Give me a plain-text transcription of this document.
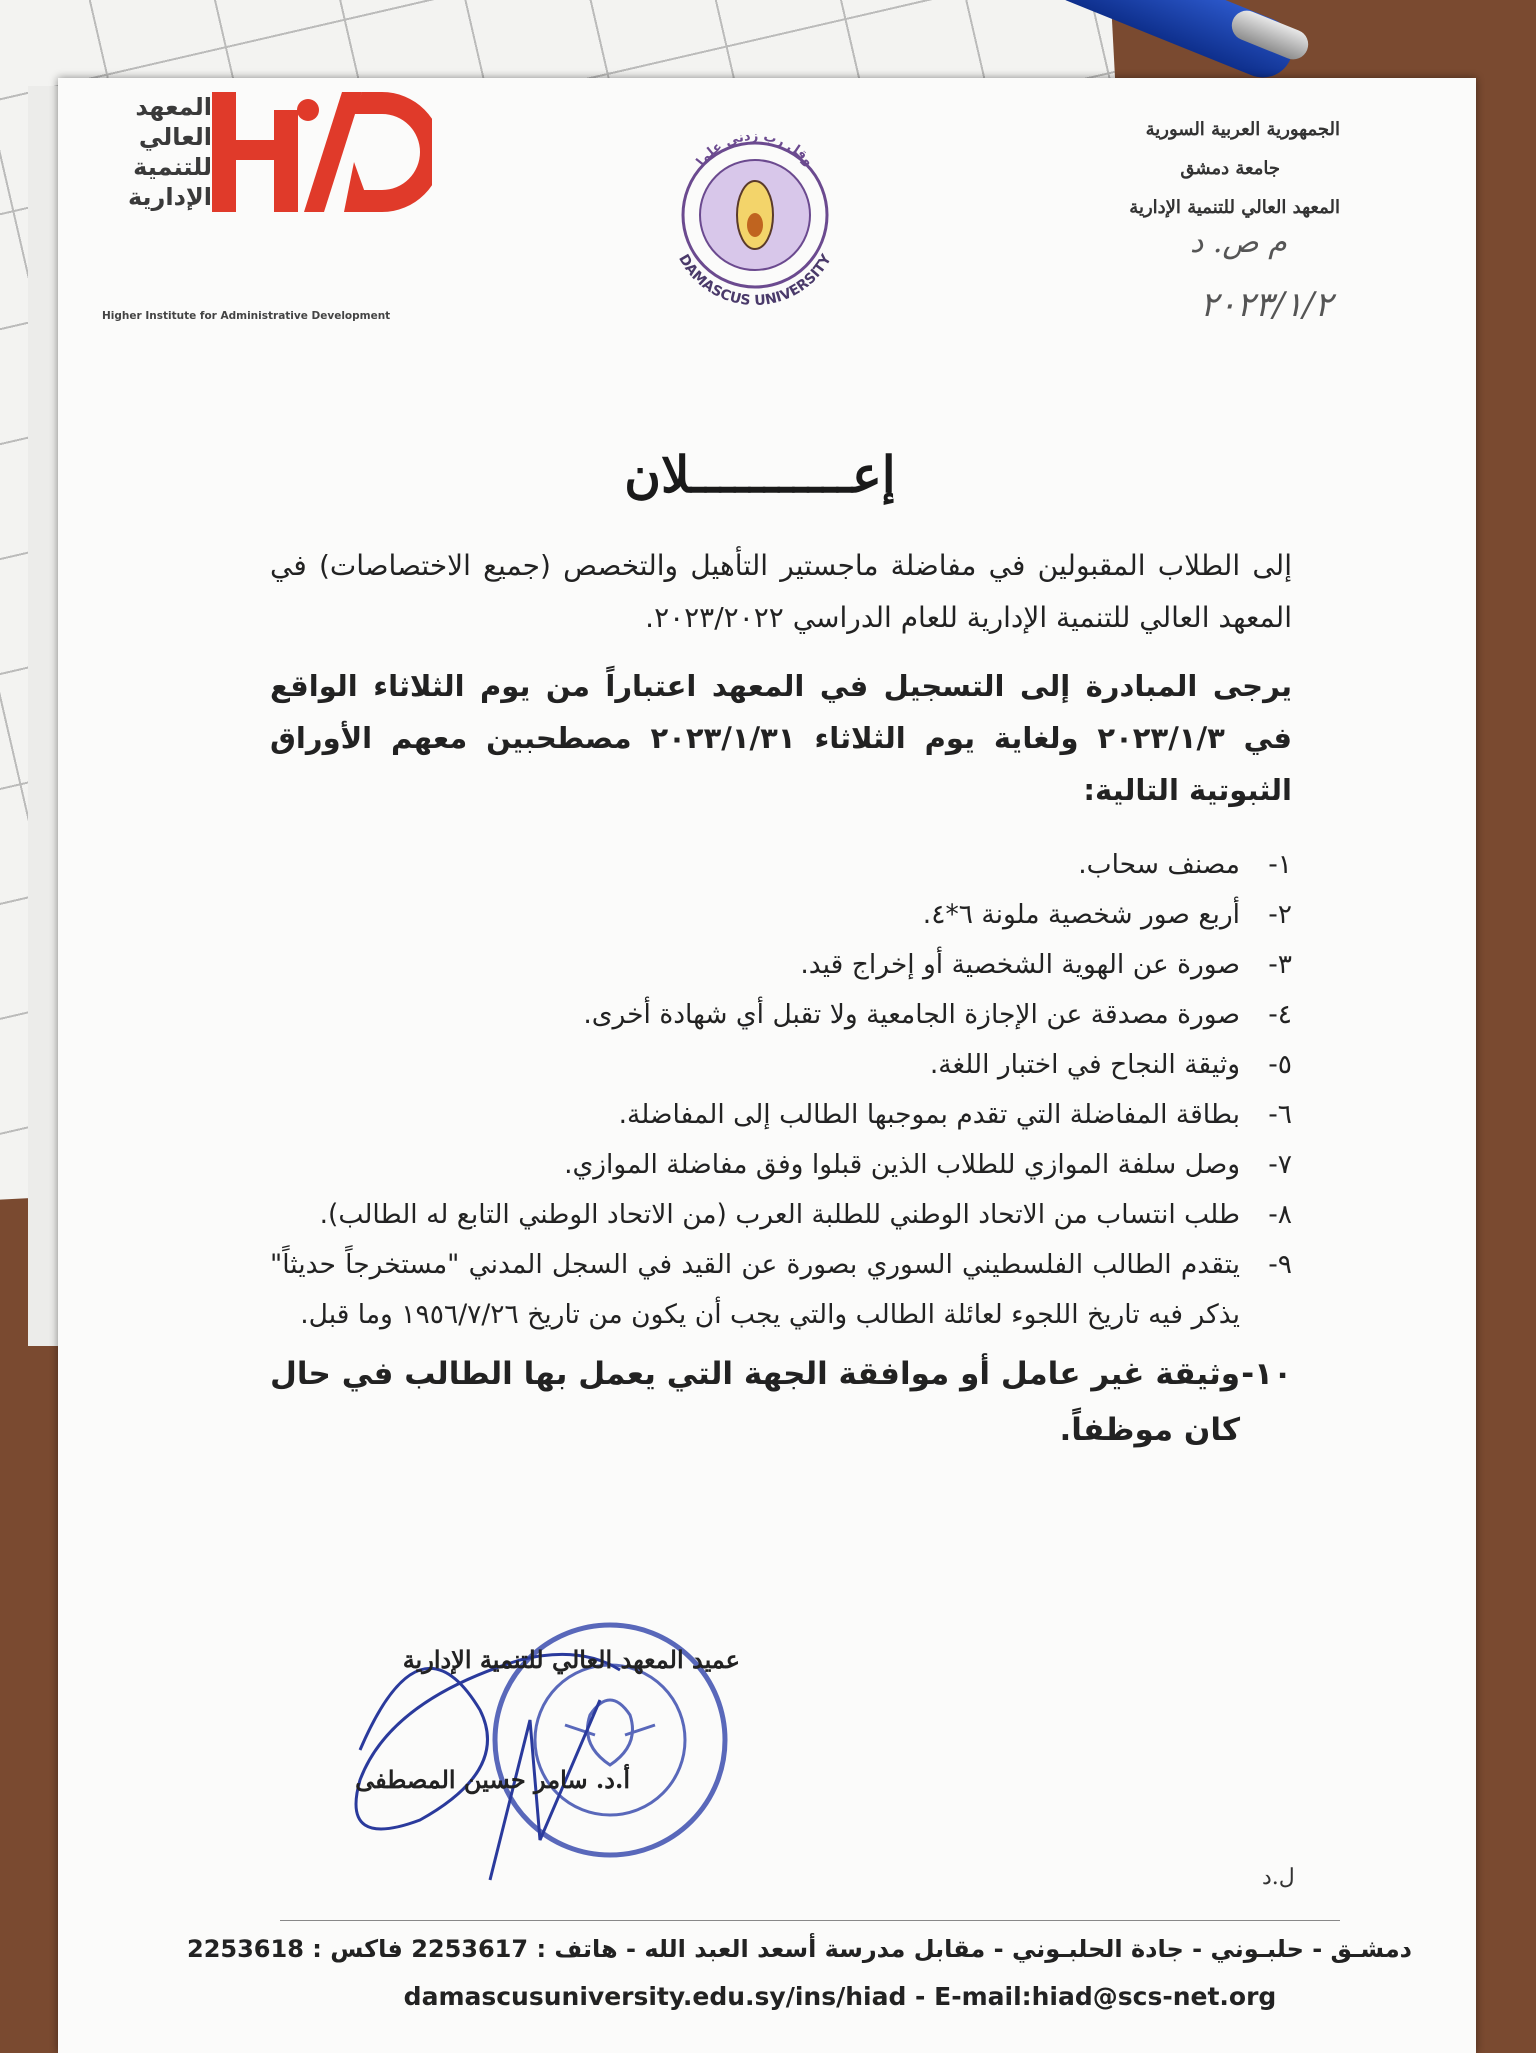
المعهد
العالي
للتنمية
الإدارية
Higher Institute for Administrative Development
وقل رب زدني علما
DAMASCUS UNIVERSITY
الجمهورية العربية السورية
جامعة دمشق
المعهد العالي للتنمية الإدارية
م ص. د
٢٠٢٣/١/٢
إعـــــــــــلان
إلى الطلاب المقبولين في مفاضلة ماجستير التأهيل والتخصص (جميع الاختصاصات) في المعهد العالي للتنمية الإدارية للعام الدراسي ٢٠٢٣/٢٠٢٢.
يرجى المبادرة إلى التسجيل في المعهد اعتباراً من يوم الثلاثاء الواقع في ٢٠٢٣/١/٣ ولغاية يوم الثلاثاء ٢٠٢٣/١/٣١ مصطحبين معهم الأوراق الثبوتية التالية:
١-
مصنف سحاب.
٢-
أربع صور شخصية ملونة ٦*٤.
٣-
صورة عن الهوية الشخصية أو إخراج قيد.
٤-
صورة مصدقة عن الإجازة الجامعية ولا تقبل أي شهادة أخرى.
٥-
وثيقة النجاح في اختبار اللغة.
٦-
بطاقة المفاضلة التي تقدم بموجبها الطالب إلى المفاضلة.
٧-
وصل سلفة الموازي للطلاب الذين قبلوا وفق مفاضلة الموازي.
٨-
طلب انتساب من الاتحاد الوطني للطلبة العرب (من الاتحاد الوطني التابع له الطالب).
٩-
يتقدم الطالب الفلسطيني السوري بصورة عن القيد في السجل المدني "مستخرجاً حديثاً" يذكر فيه تاريخ اللجوء لعائلة الطالب والتي يجب أن يكون من تاريخ ١٩٥٦/٧/٢٦ وما قبل.
١٠-
وثيقة غير عامل أو موافقة الجهة التي يعمل بها الطالب في حال كان موظفاً.
عميد المعهد العالي للتنمية الإدارية
أ.د. سامر حسين المصطفى
ل.د
دمشـق - حلبـوني - جادة الحلبـوني - مقابل مدرسة أسعد العبد الله - هاتف : 2253617 فاكس : 2253618
damascusuniversity.edu.sy/ins/hiad - E-mail:hiad@scs-net.org
